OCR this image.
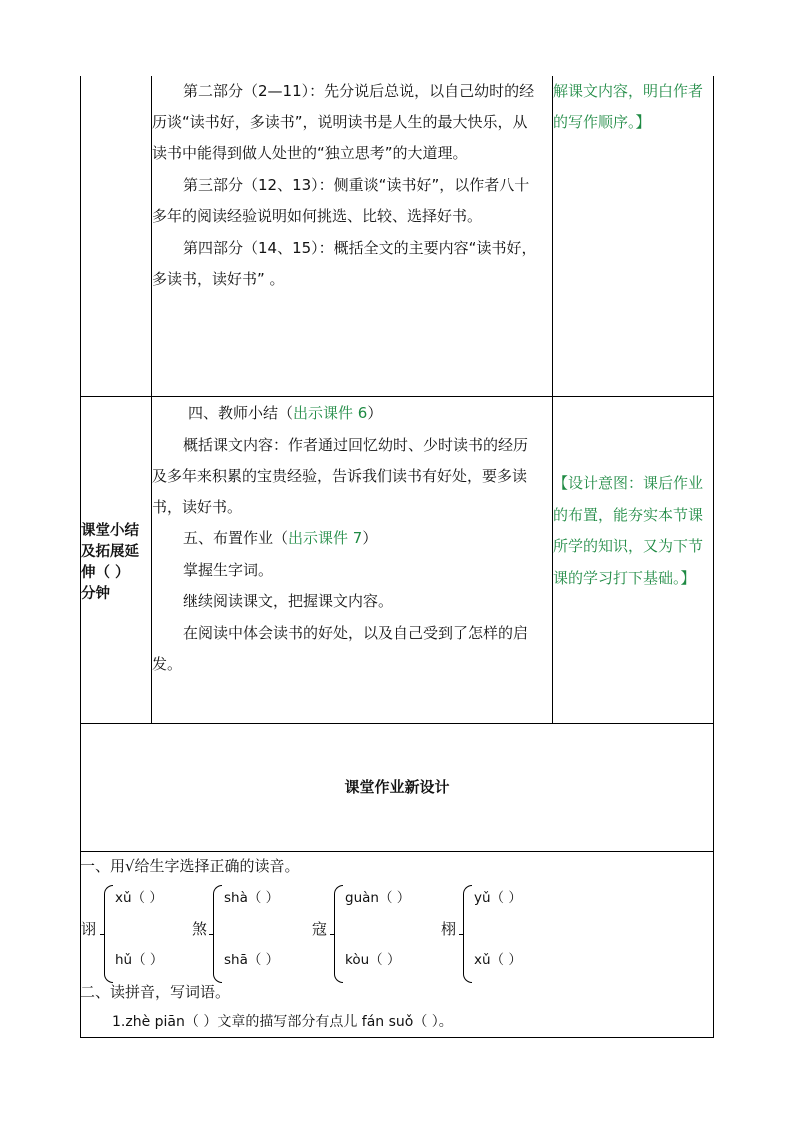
第二部分（2—11）：先分说后总说，以自己幼时的经
历谈“读书好，多读书”，说明读书是人生的最大快乐，从
读书中能得到做人处世的“独立思考”的大道理。
第三部分（12、13）：侧重谈“读书好”，以作者八十
多年的阅读经验说明如何挑选、比较、选择好书。
第四部分（14、15）：概括全文的主要内容“读书好，
多读书，读好书” 。
解课文内容，明白作者
的写作顺序。】
课堂小结
及拓展延
伸（ ）
分钟
四、教师小结（出示课件 6）
概括课文内容：作者通过回忆幼时、少时读书的经历
及多年来积累的宝贵经验，告诉我们读书有好处，要多读
书，读好书。
五、布置作业（出示课件 7）
掌握生字词。
继续阅读课文，把握课文内容。
在阅读中体会读书的好处，以及自己受到了怎样的启
发。
【设计意图：课后作业
的布置，能夯实本节课
所学的知识，又为下节
课的学习打下基础。】
课堂作业新设计
一、用√给生字选择正确的读音。
诩
xǔ（ ）
hǔ（ ）
煞
shà（ ）
shā（ ）
寇
guàn（ ）
kòu（ ）
栩
yǔ（ ）
xǔ（ ）
二、读拼音，写词语。
1.zhè piān（ ）文章的描写部分有点儿 fán suǒ（ ）。
